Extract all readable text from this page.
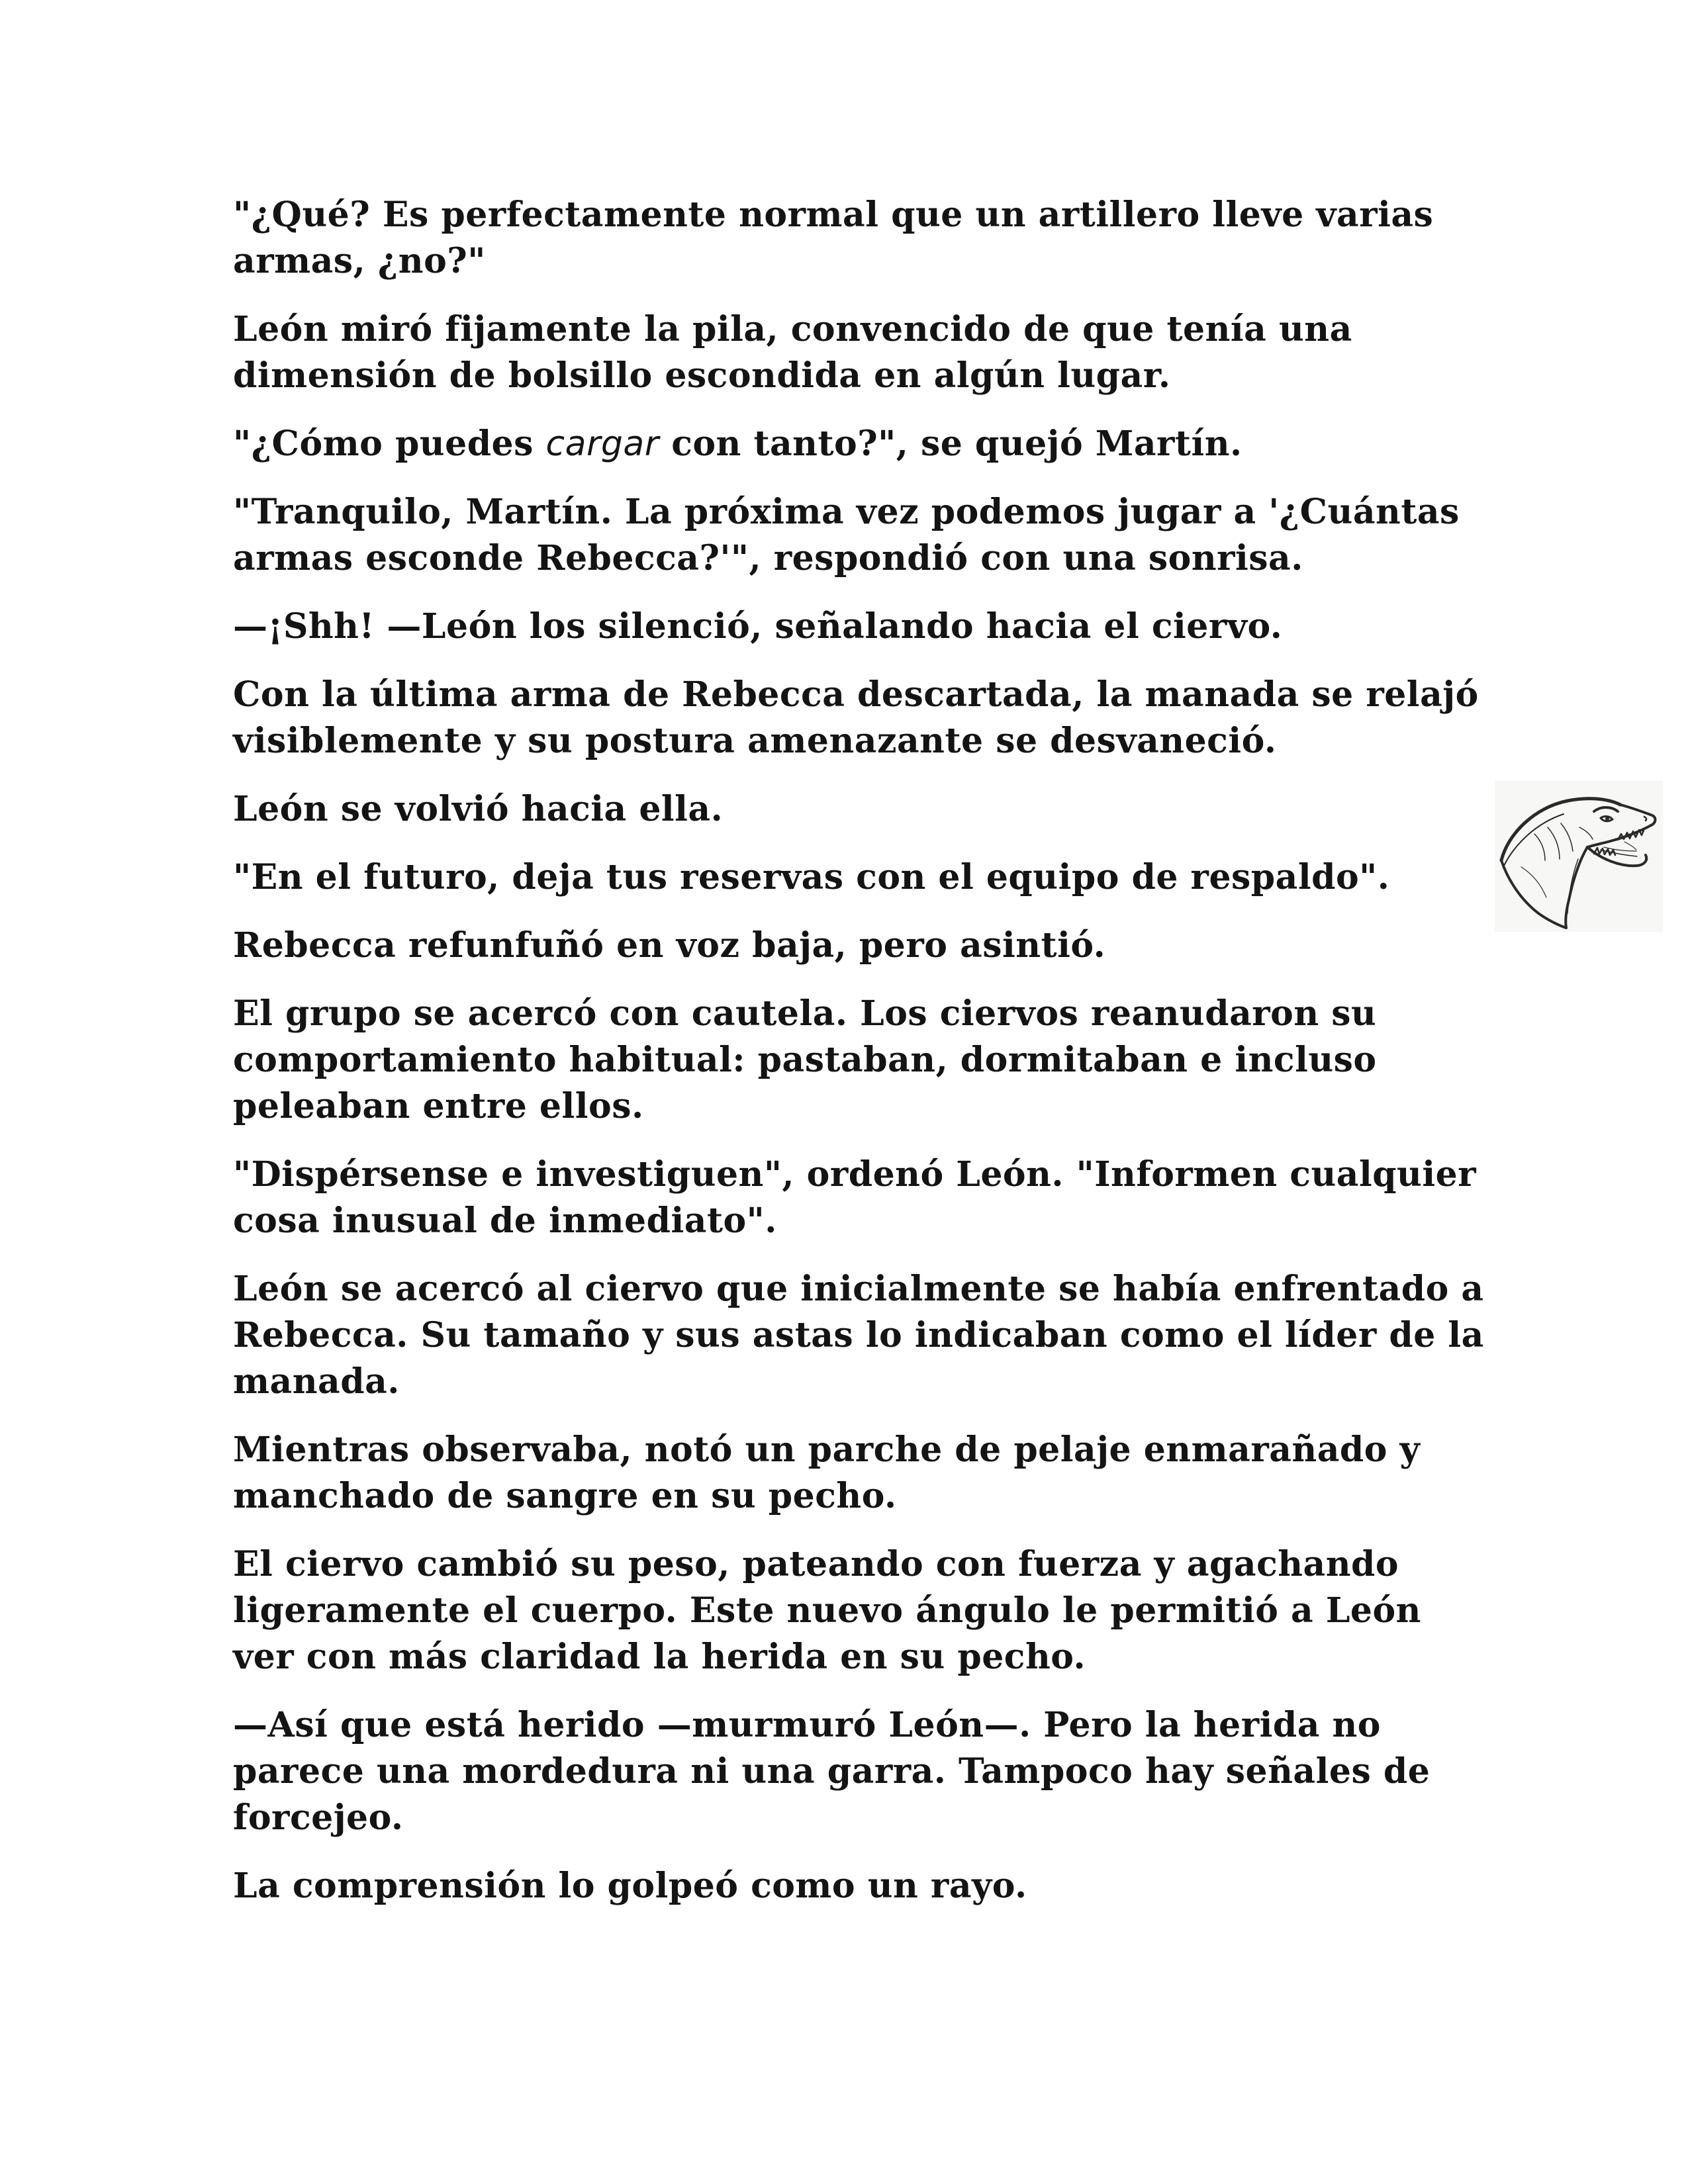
"¿Qué? Es perfectamente normal que un artillero lleve varias armas, ¿no?"

León miró fijamente la pila, convencido de que tenía una dimensión de bolsillo escondida en algún lugar.

"¿Cómo puedes cargar con tanto?", se quejó Martín.

"Tranquilo, Martín. La próxima vez podemos jugar a '¿Cuántas armas esconde Rebecca?'", respondió con una sonrisa.

—¡Shh! —León los silenció, señalando hacia el ciervo.

Con la última arma de Rebecca descartada, la manada se relajó visiblemente y su postura amenazante se desvaneció.

León se volvió hacia ella.

"En el futuro, deja tus reservas con el equipo de respaldo".

Rebecca refunfuñó en voz baja, pero asintió.

El grupo se acercó con cautela. Los ciervos reanudaron su comportamiento habitual: pastaban, dormitaban e incluso peleaban entre ellos.

"Dispérsense e investiguen", ordenó León. "Informen cualquier cosa inusual de inmediato".

León se acercó al ciervo que inicialmente se había enfrentado a Rebecca. Su tamaño y sus astas lo indicaban como el líder de la manada.

Mientras observaba, notó un parche de pelaje enmarañado y manchado de sangre en su pecho.

El ciervo cambió su peso, pateando con fuerza y agachando ligeramente el cuerpo. Este nuevo ángulo le permitió a León ver con más claridad la herida en su pecho.

—Así que está herido —murmuró León—. Pero la herida no parece una mordedura ni una garra. Tampoco hay señales de forcejeo.

La comprensión lo golpeó como un rayo.
